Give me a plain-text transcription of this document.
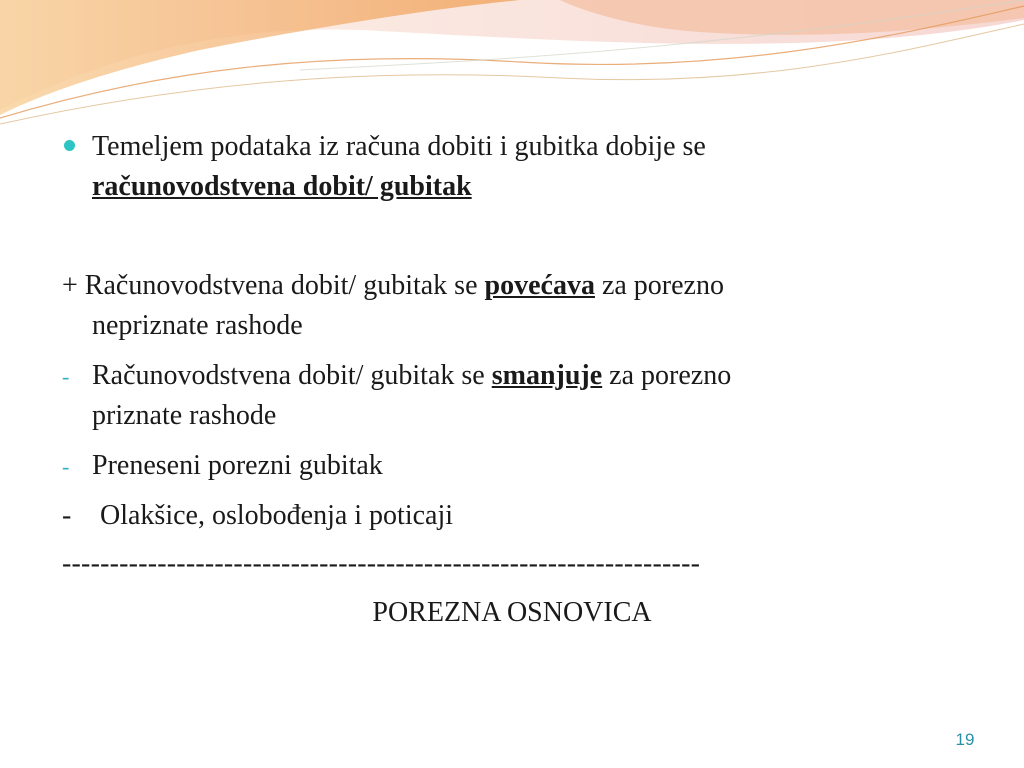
Temeljem podataka iz računa dobiti i gubitka dobije se
računovodstvena dobit/ gubitak
+ Računovodstvena dobit/ gubitak se povećava za porezno
nepriznate rashode
- Računovodstvena dobit/ gubitak se smanjuje za porezno
priznate rashode
- Preneseni porezni gubitak
- Olakšice, oslobođenja i poticaji
-------------------------------------------------------------------
POREZNA OSNOVICA
19
